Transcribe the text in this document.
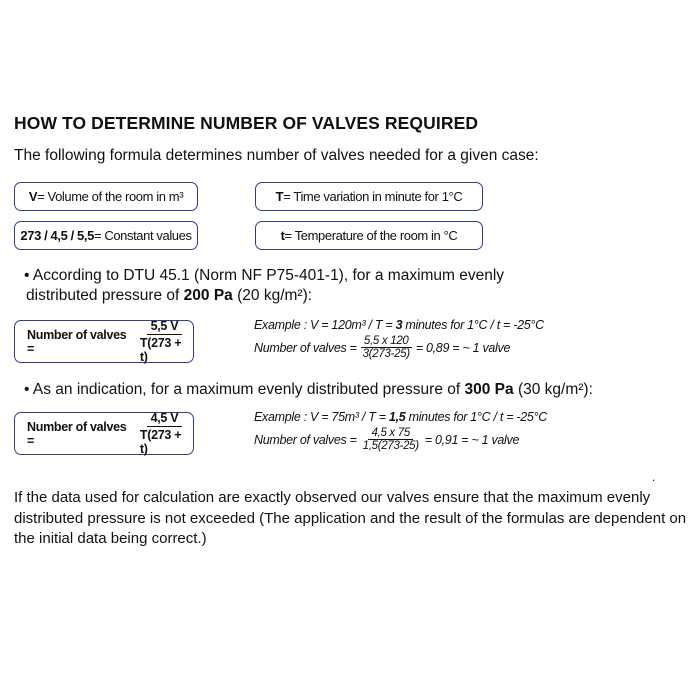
HOW TO DETERMINE NUMBER OF VALVES REQUIRED
The following formula determines number of valves needed for a given case:
V = Volume of the room in m³	T = Time variation in minute for 1°C
273 / 4,5 / 5,5 = Constant values	t = Temperature of the room in °C
• According to DTU 45.1 (Norm NF P75-401-1), for a maximum evenly
distributed pressure of 200 Pa (20 kg/m²):
Number of valves =	$\frac{5,5 V}{T(273 + t)}$	Example : V = 120m³ / T = 3 minutes for 1°C / t = -25°C
Number of valves = $\frac{5,5 x 120}{3(273-25)} = 0,89$ = ~ 1 valve
• As an indication, for a maximum evenly distributed pressure of 300 Pa (30 kg/m²):
Number of valves =	$\frac{4,5 V}{T(273 + t)}$	Example : V = 75m³ / T = 1,5 minutes for 1°C / t = -25°C
Number of valves = $\frac{4,5 x 75}{1,5(273-25)} = 0,91$ = ~ 1 valve
.
If the data used for calculation are exactly observed our valves ensure that the maximum evenly distributed pressure is not exceeded (The application and the result of the formulas are dependent on the initial data being correct.)
